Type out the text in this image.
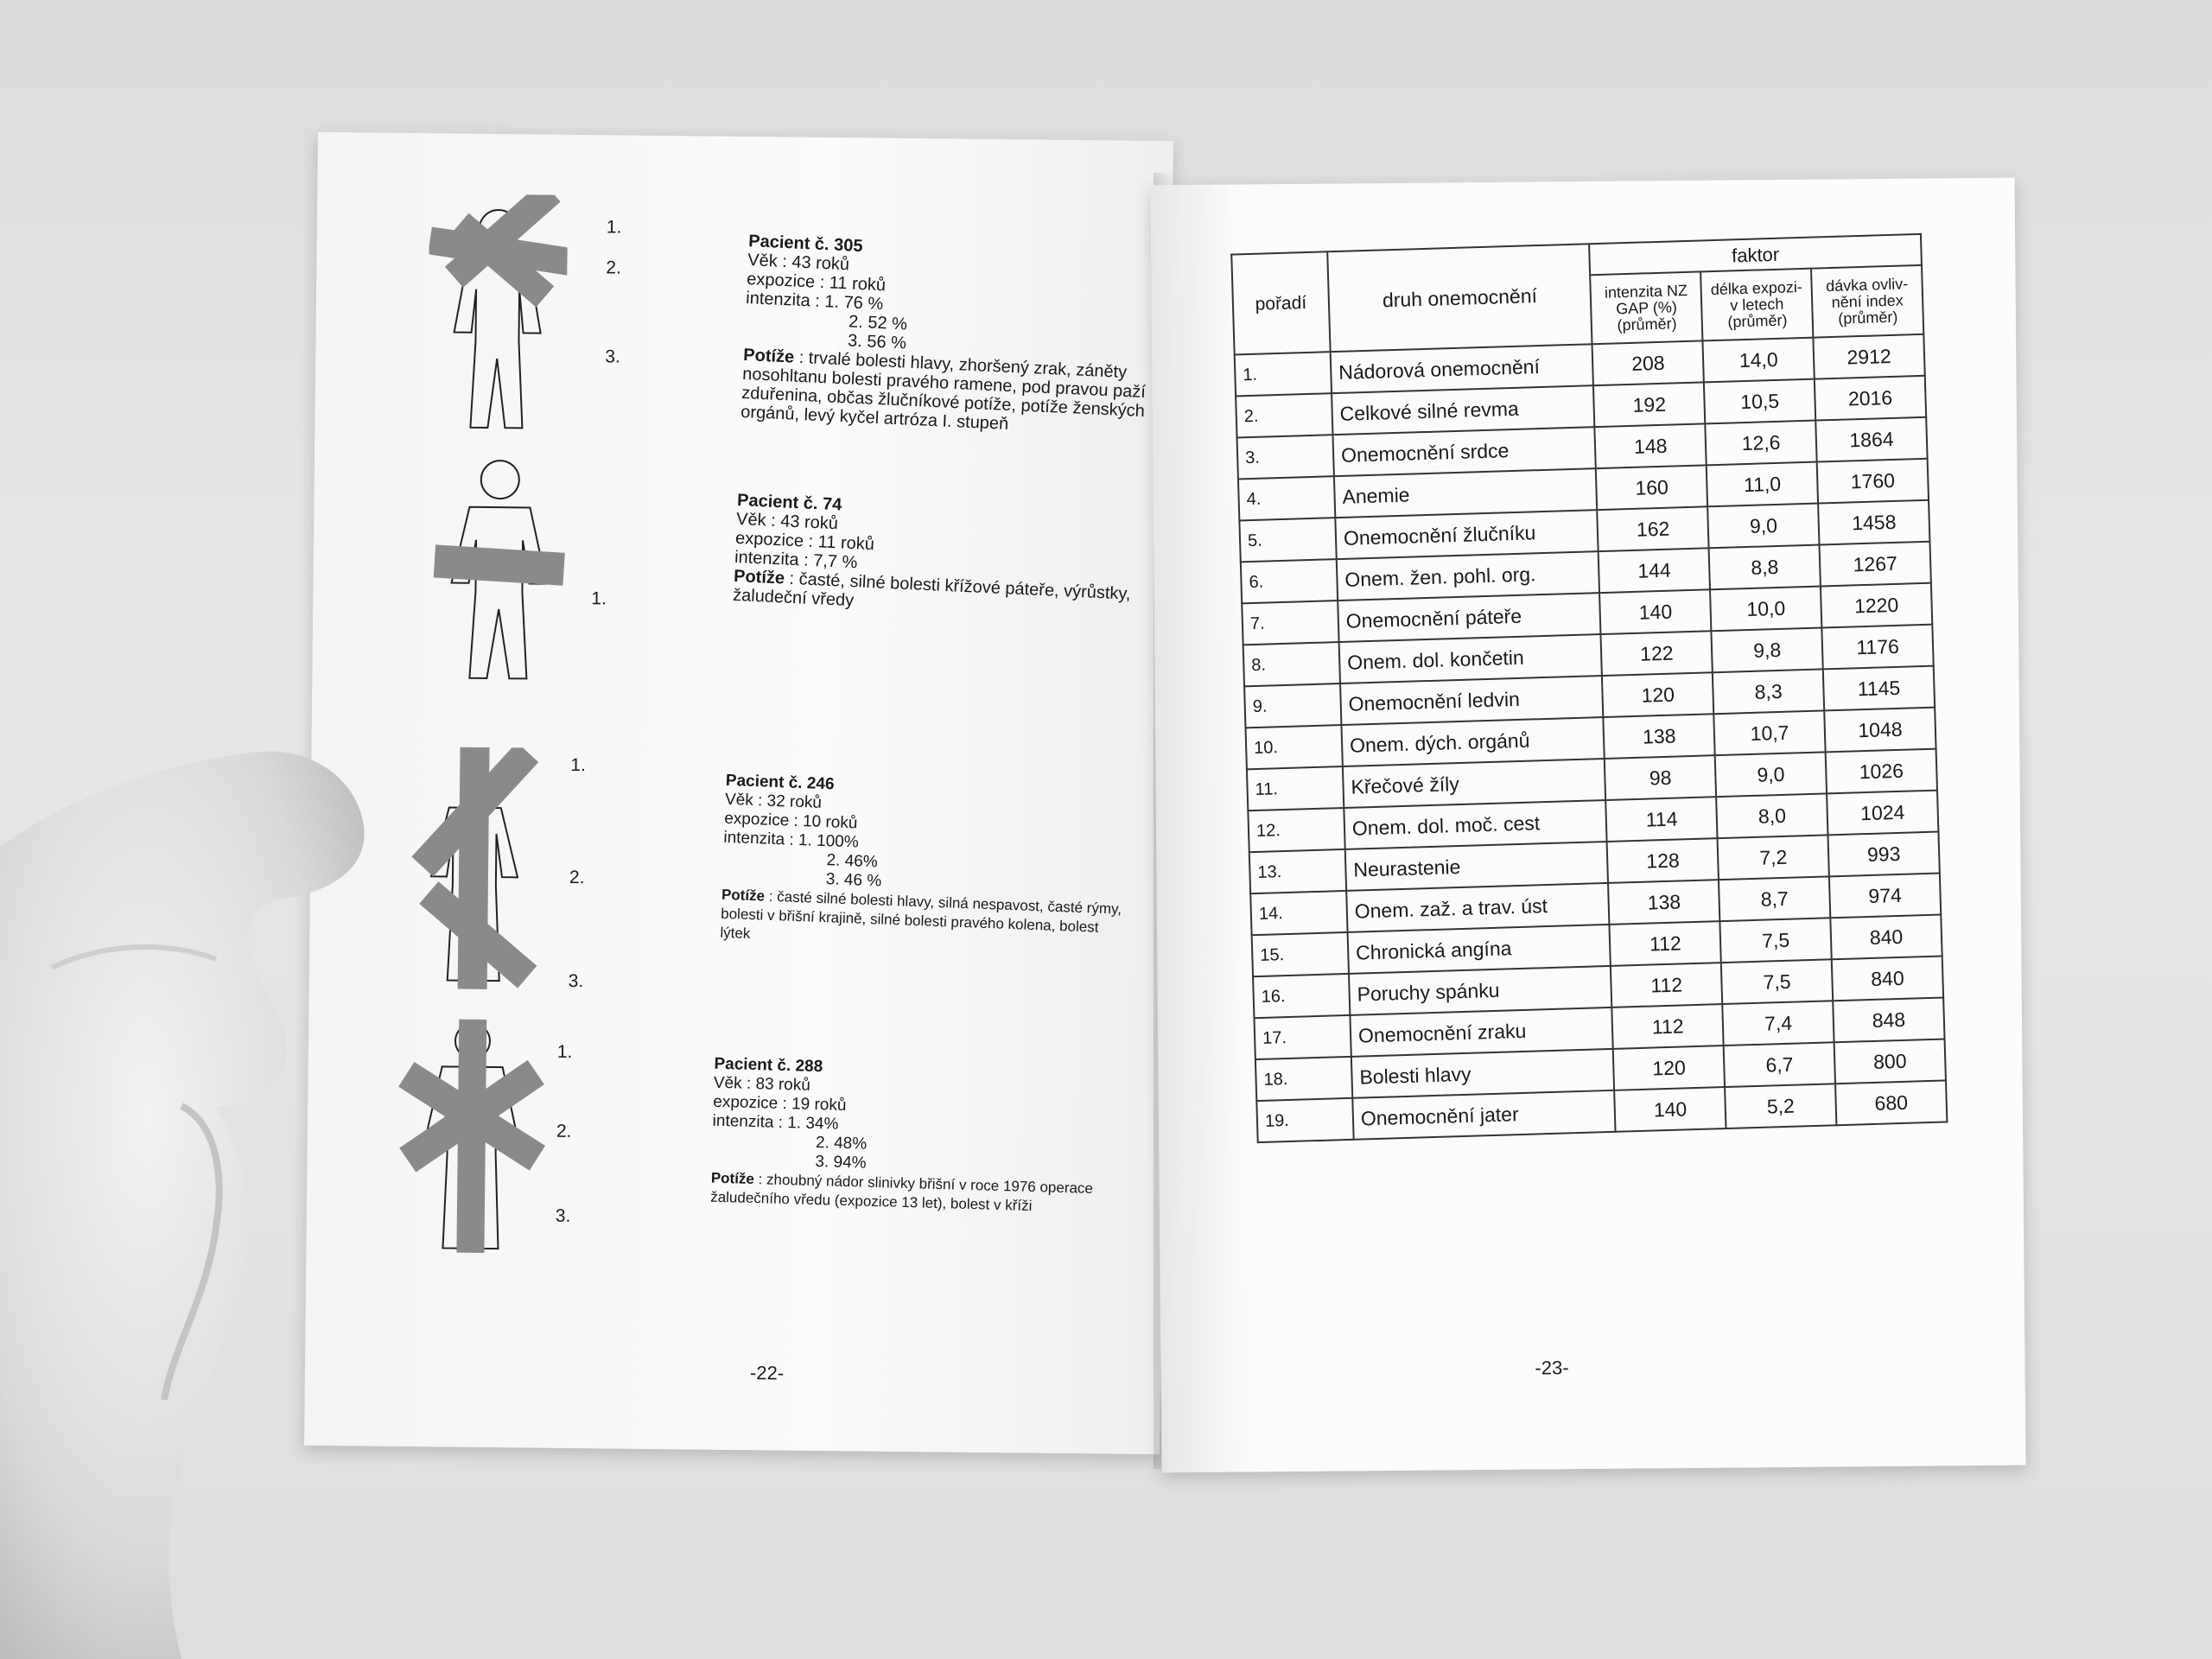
1.
2.
3.
Pacient č. 305
Věk : 43 roků
expozice : 11 roků
intenzita : 1. 76 %
2. 52 %
3. 56 %
Potíže : trvalé bolesti hlavy, zhoršený zrak, záněty nosohltanu bolesti pravého ramene, pod pravou paží zduřenina, občas žlučníkové potíže, potíže ženských orgánů, levý kyčel artróza I. stupeň
1.
Pacient č. 74
Věk : 43 roků
expozice : 11 roků
intenzita : 7,7 %
Potíže : časté, silné bolesti křížové páteře, výrůstky, žaludeční vředy
1.
2.
3.
Pacient č. 246
Věk : 32 roků
expozice : 10 roků
intenzita : 1. 100%
2. 46%
3. 46 %
Potíže : časté silné bolesti hlavy, silná nespavost, časté rýmy, bolesti v břišní krajině, silné bolesti pravého kolena, bolest lýtek
1.
2.
3.
Pacient č. 288
Věk : 83 roků
expozice : 19 roků
intenzita : 1. 34%
2. 48%
3. 94%
Potíže : zhoubný nádor slinivky břišní v roce 1976 operace žaludečního vředu (expozice 13 let), bolest v kříži
-22-
pořadí	druh onemocnění	faktor		
		intenzita NZ GAP (%) (průměr)	délka expozi- v letech (průměr)	dávka ovliv- nění index (průměr)
1.	Nádorová onemocnění	208	14,0	2912
2.	Celkové silné revma	192	10,5	2016
3.	Onemocnění srdce	148	12,6	1864
4.	Anemie	160	11,0	1760
5.	Onemocnění žlučníku	162	9,0	1458
6.	Onem. žen. pohl. org.	144	8,8	1267
7.	Onemocnění páteře	140	10,0	1220
8.	Onem. dol. končetin	122	9,8	1176
9.	Onemocnění ledvin	120	8,3	1145
10.	Onem. dých. orgánů	138	10,7	1048
11.	Křečové žíly	98	9,0	1026
12.	Onem. dol. moč. cest	114	8,0	1024
13.	Neurastenie	128	7,2	993
14.	Onem. zaž. a trav. úst	138	8,7	974
15.	Chronická angína	112	7,5	840
16.	Poruchy spánku	112	7,5	840
17.	Onemocnění zraku	112	7,4	848
18.	Bolesti hlavy	120	6,7	800
19.	Onemocnění jater	140	5,2	680
-23-
